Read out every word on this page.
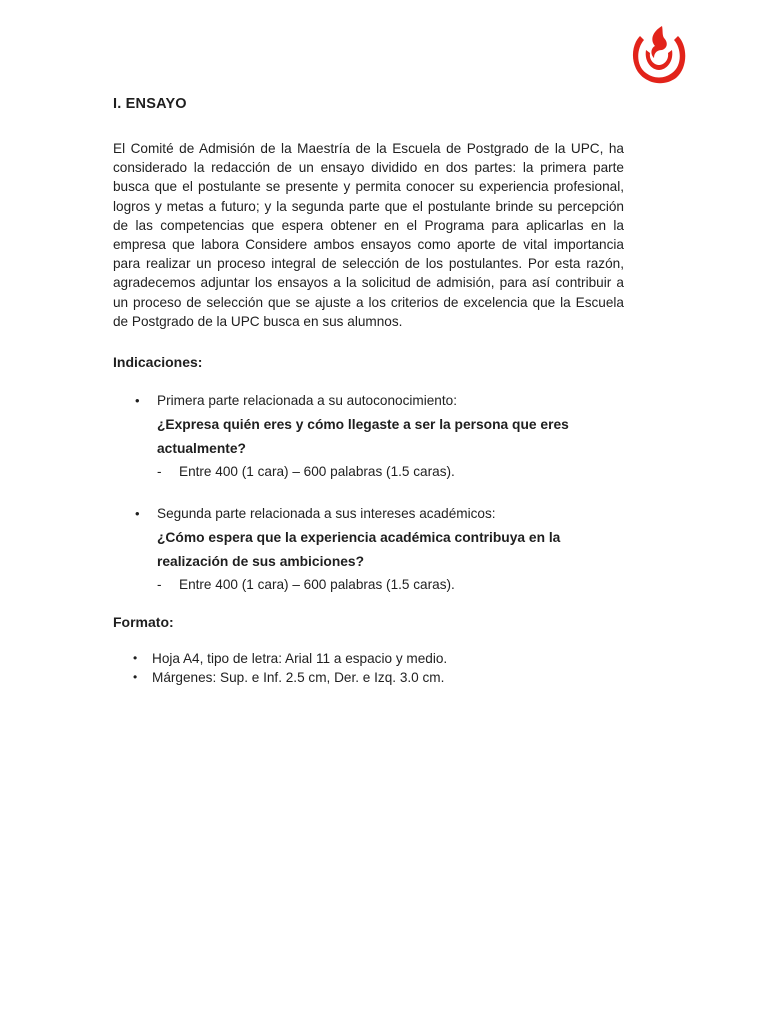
I. ENSAYO

El Comité de Admisión de la Maestría de la Escuela de Postgrado de la UPC, ha considerado la redacción de un ensayo dividido en dos partes: la primera parte busca que el postulante se presente y permita conocer su experiencia profesional, logros y metas a futuro; y la segunda parte que el postulante brinde su percepción de las competencias que espera obtener en el Programa para aplicarlas en la empresa que labora Considere ambos ensayos como aporte de vital importancia para realizar un proceso integral de selección de los postulantes. Por esta razón, agradecemos adjuntar los ensayos a la solicitud de admisión, para así contribuir a un proceso de selección que se ajuste a los criterios de excelencia que la Escuela de Postgrado de la UPC busca en sus alumnos.

Indicaciones:
• Primera parte relacionada a su autoconocimiento:

¿Expresa quién eres y cómo llegaste a ser la persona que eres actualmente?

- Entre 400 (1 cara) – 600 palabras (1.5 caras).

• Segunda parte relacionada a sus intereses académicos:

¿Cómo espera que la experiencia académica contribuya en la realización de sus ambiciones?

- Entre 400 (1 cara) – 600 palabras (1.5 caras).

Formato:
• Hoja A4, tipo de letra: Arial 11 a espacio y medio.
• Márgenes: Sup. e Inf. 2.5 cm, Der. e Izq. 3.0 cm.
